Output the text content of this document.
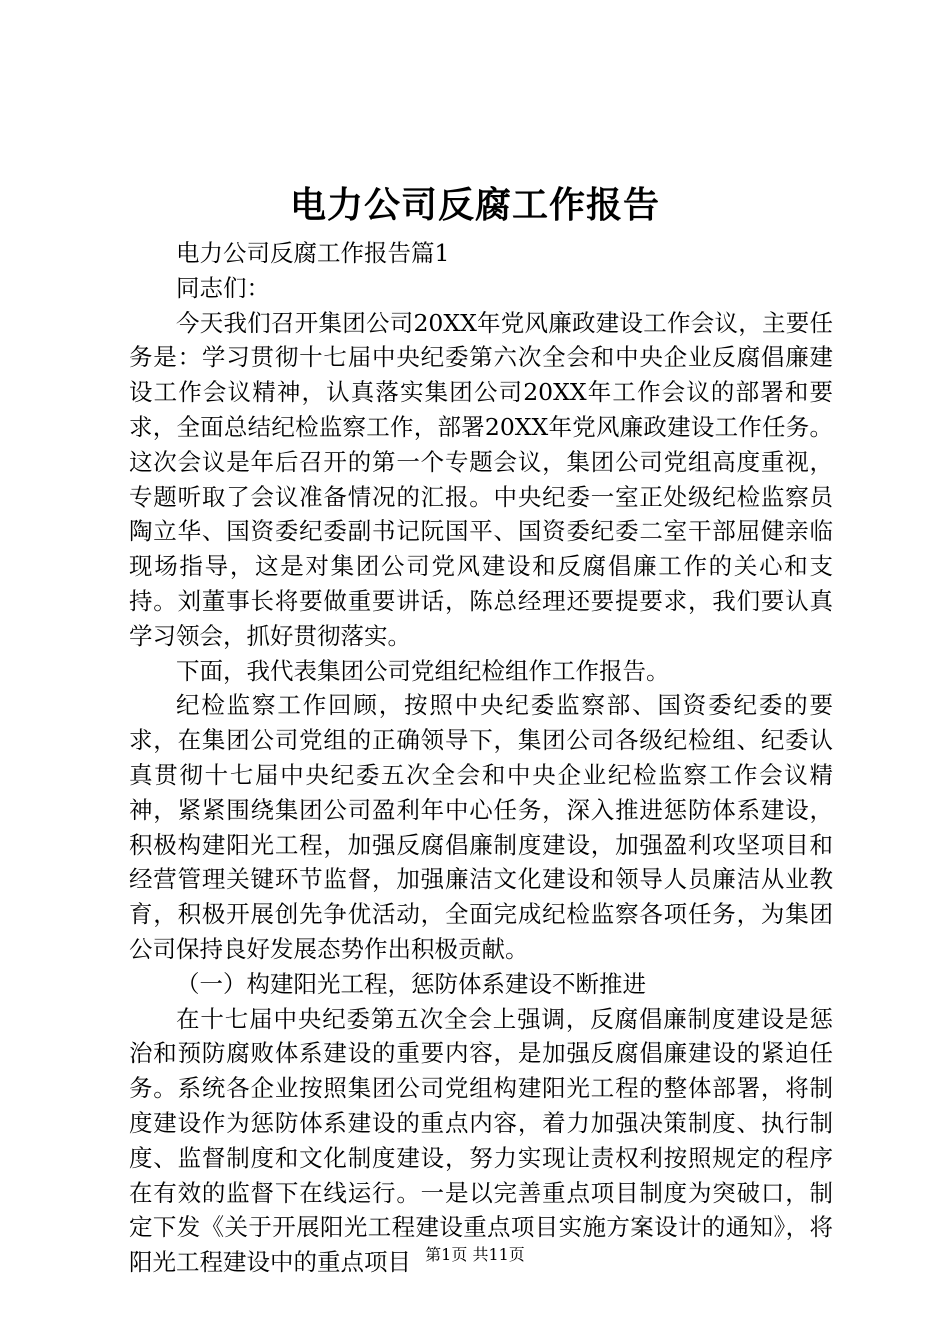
电力公司反腐工作报告

电力公司反腐工作报告篇1

同志们：

今天我们召开集团公司20XX年党风廉政建设工作会议，主要任务是：学习贯彻十七届中央纪委第六次全会和中央企业反腐倡廉建设工作会议精神，认真落实集团公司20XX年工作会议的部署和要求，全面总结纪检监察工作，部署20XX年党风廉政建设工作任务。这次会议是年后召开的第一个专题会议，集团公司党组高度重视，专题听取了会议准备情况的汇报。中央纪委一室正处级纪检监察员陶立华、国资委纪委副书记阮国平、国资委纪委二室干部屈健亲临现场指导，这是对集团公司党风建设和反腐倡廉工作的关心和支持。刘董事长将要做重要讲话，陈总经理还要提要求，我们要认真学习领会，抓好贯彻落实。

下面，我代表集团公司党组纪检组作工作报告。

纪检监察工作回顾，按照中央纪委监察部、国资委纪委的要求，在集团公司党组的正确领导下，集团公司各级纪检组、纪委认真贯彻十七届中央纪委五次全会和中央企业纪检监察工作会议精神，紧紧围绕集团公司盈利年中心任务，深入推进惩防体系建设，积极构建阳光工程，加强反腐倡廉制度建设，加强盈利攻坚项目和经营管理关键环节监督，加强廉洁文化建设和领导人员廉洁从业教育，积极开展创先争优活动，全面完成纪检监察各项任务，为集团公司保持良好发展态势作出积极贡献。

（一）构建阳光工程，惩防体系建设不断推进

在十七届中央纪委第五次全会上强调，反腐倡廉制度建设是惩治和预防腐败体系建设的重要内容，是加强反腐倡廉建设的紧迫任务。系统各企业按照集团公司党组构建阳光工程的整体部署，将制度建设作为惩防体系建设的重点内容，着力加强决策制度、执行制度、监督制度和文化制度建设，努力实现让责权利按照规定的程序在有效的监督下在线运行。一是以完善重点项目制度为突破口，制定下发《关于开展阳光工程建设重点项目实施方案设计的通知》，将阳光工程建设中的重点项目 第1页 共11页
